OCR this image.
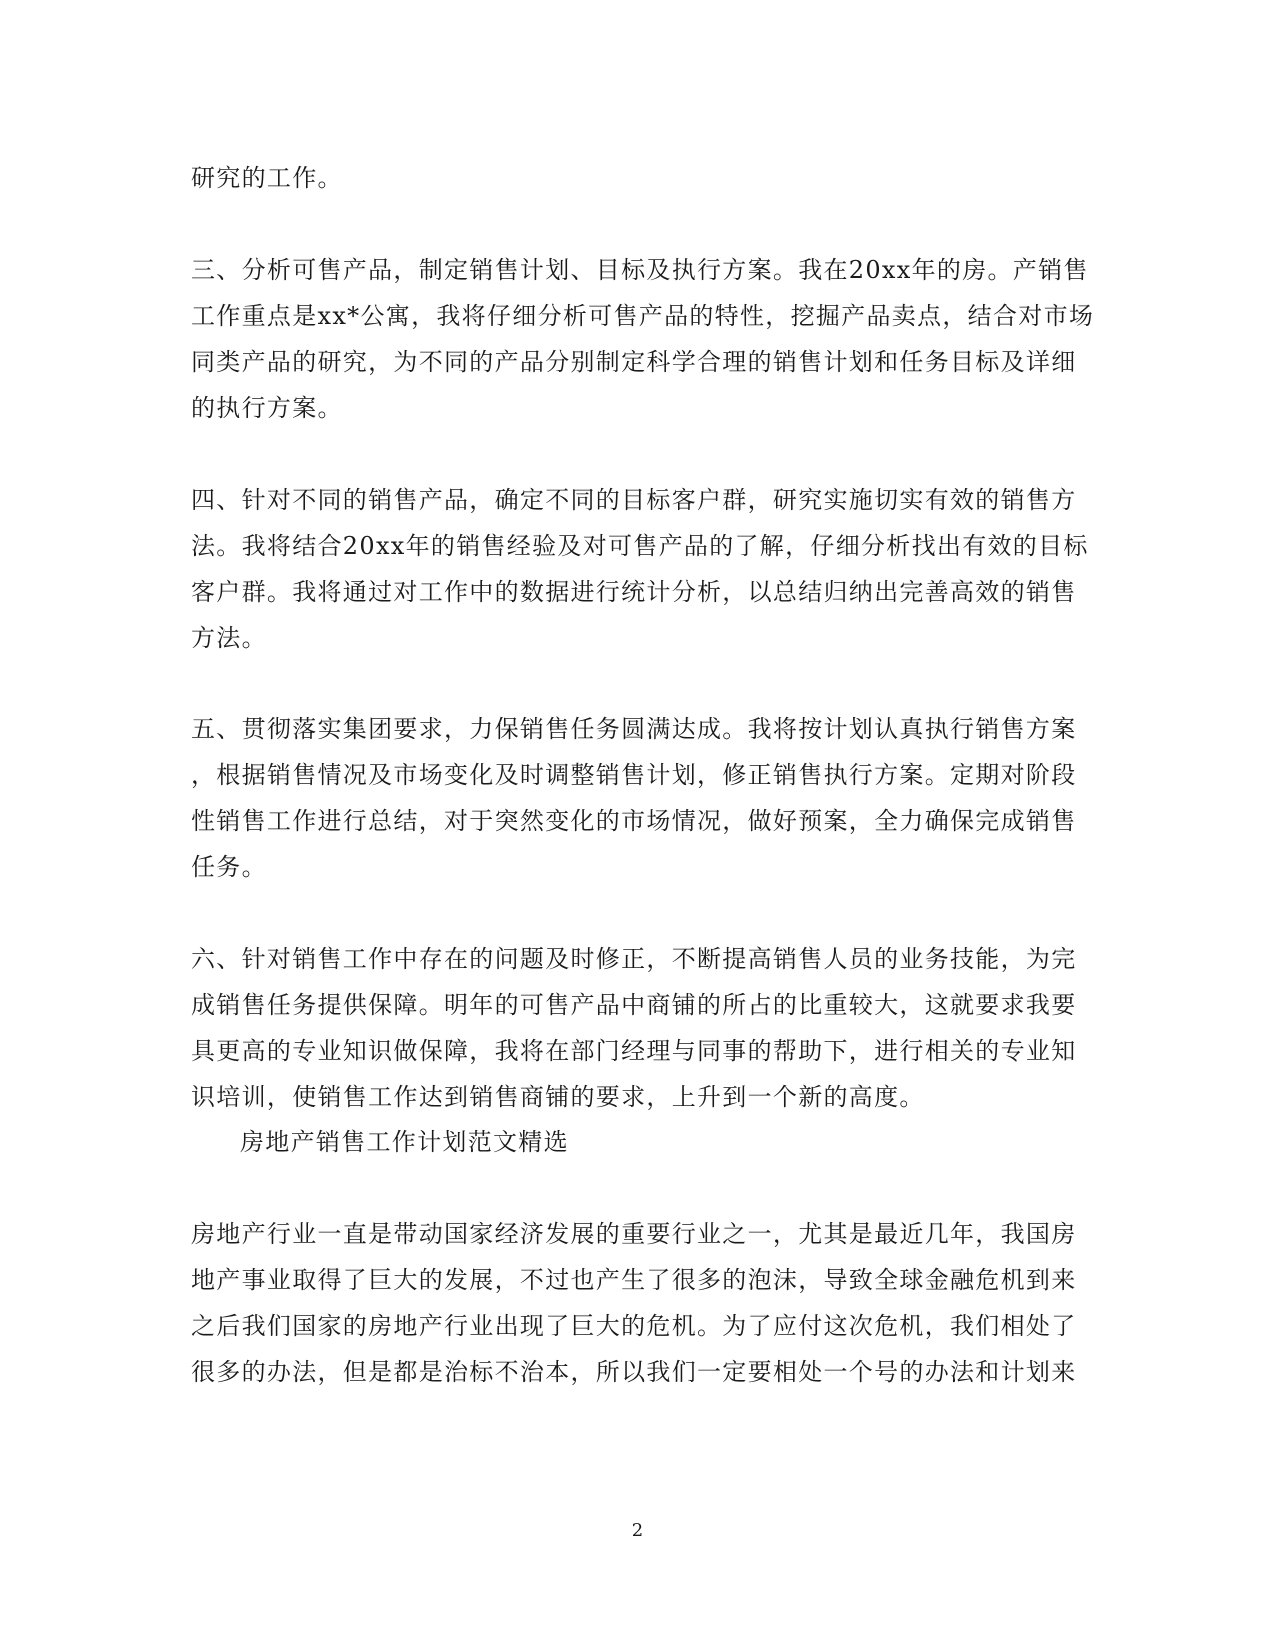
研究的工作。
三、分析可售产品，制定销售计划、目标及执行方案。我在20xx年的房。产销售
工作重点是xx*公寓，我将仔细分析可售产品的特性，挖掘产品卖点，结合对市场
同类产品的研究，为不同的产品分别制定科学合理的销售计划和任务目标及详细
的执行方案。
四、针对不同的销售产品，确定不同的目标客户群，研究实施切实有效的销售方
法。我将结合20xx年的销售经验及对可售产品的了解，仔细分析找出有效的目标
客户群。我将通过对工作中的数据进行统计分析，以总结归纳出完善高效的销售
方法。
五、贯彻落实集团要求，力保销售任务圆满达成。我将按计划认真执行销售方案
，根据销售情况及市场变化及时调整销售计划，修正销售执行方案。定期对阶段
性销售工作进行总结，对于突然变化的市场情况，做好预案，全力确保完成销售
任务。
六、针对销售工作中存在的问题及时修正，不断提高销售人员的业务技能，为完
成销售任务提供保障。明年的可售产品中商铺的所占的比重较大，这就要求我要
具更高的专业知识做保障，我将在部门经理与同事的帮助下，进行相关的专业知
识培训，使销售工作达到销售商铺的要求，上升到一个新的高度。
房地产销售工作计划范文精选
房地产行业一直是带动国家经济发展的重要行业之一，尤其是最近几年，我国房
地产事业取得了巨大的发展，不过也产生了很多的泡沫，导致全球金融危机到来
之后我们国家的房地产行业出现了巨大的危机。为了应付这次危机，我们相处了
很多的办法，但是都是治标不治本，所以我们一定要相处一个号的办法和计划来
2
